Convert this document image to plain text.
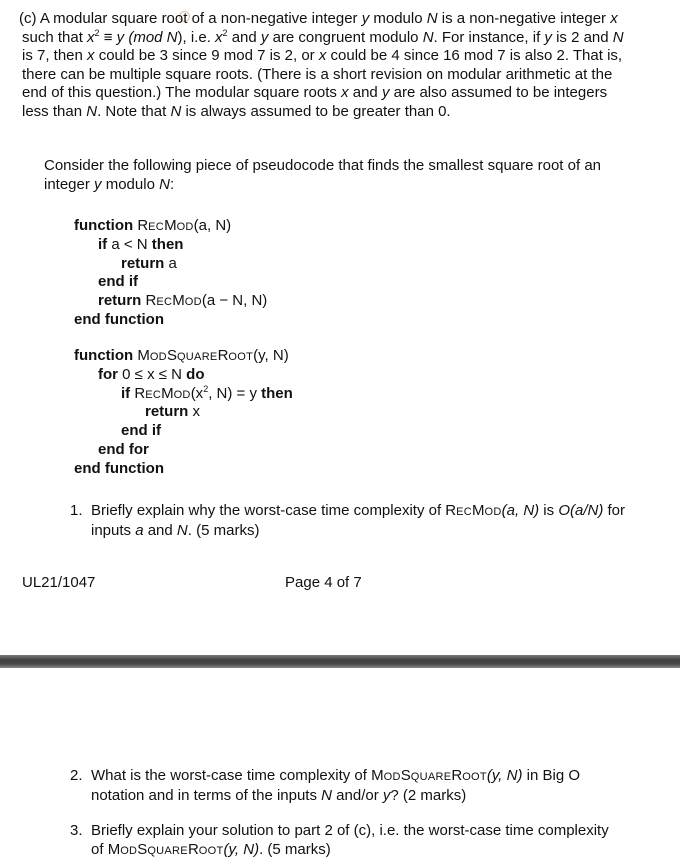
(c) A modular square root of a non-negative integer y modulo N is a non-negative integer x such that $x^2 \equiv y$ (mod N), i.e. $x^2$ and y are congruent modulo N. For instance, if y is 2 and N is 7, then x could be 3 since 9 mod 7 is 2, or x could be 4 since 16 mod 7 is also 2. That is, there can be multiple square roots. (There is a short revision on modular arithmetic at the end of this question.) The modular square roots x and y are also assumed to be integers less than N. Note that N is always assumed to be greater than 0.

Consider the following piece of pseudocode that finds the smallest square root of an integer y modulo N:

function RECMOD(a, N)
if a < N then
return a
end if
return RECMOD(a − N, N)
end function
function MODSQUAREROOT(y, N)
for 0 ≤ x ≤ N do
if $RECMOD(x^2$, N) = y then
return x
end if
end for
end function
1. Briefly explain why the worst-case time complexity of RECMOD(a, N) is O(a/N) for inputs a and N. (5 marks)
UL21/1047	Page 4 of 7
2. What is the worst-case time complexity of MODSQUAREROOT(y, N) in Big O notation and in terms of the inputs N and/or y? (2 marks)
3. Briefly explain your solution to part 2 of (c), i.e. the worst-case time complexity of MODSQUAREROOT(y, N). (5 marks)
